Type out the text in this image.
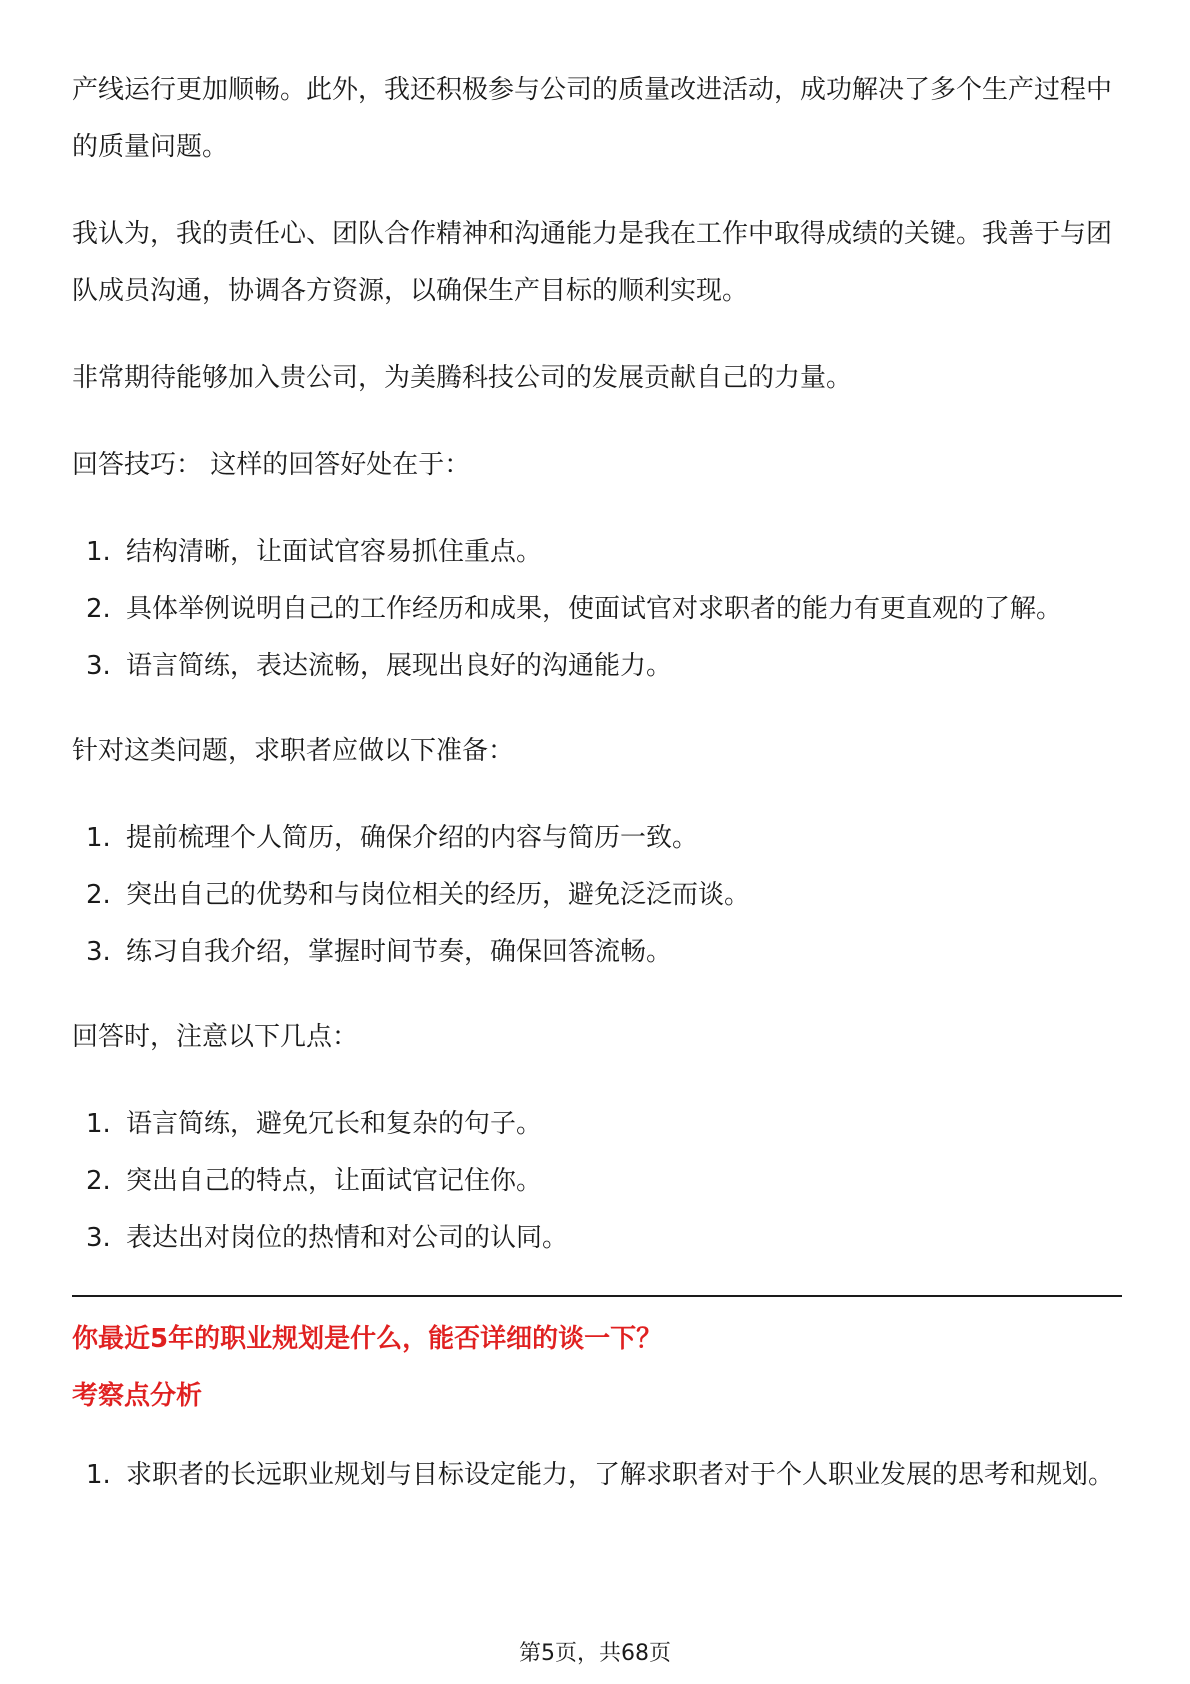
产线运行更加顺畅。此外，我还积极参与公司的质量改进活动，成功解决了多个生产过程中的质量问题。

我认为，我的责任心、团队合作精神和沟通能力是我在工作中取得成绩的关键。我善于与团队成员沟通，协调各方资源，以确保生产目标的顺利实现。

非常期待能够加入贵公司，为美腾科技公司的发展贡献自己的力量。

回答技巧： 这样的回答好处在于：

1. 结构清晰，让面试官容易抓住重点。
2. 具体举例说明自己的工作经历和成果，使面试官对求职者的能力有更直观的了解。
3. 语言简练，表达流畅，展现出良好的沟通能力。

针对这类问题，求职者应做以下准备：

1. 提前梳理个人简历，确保介绍的内容与简历一致。
2. 突出自己的优势和与岗位相关的经历，避免泛泛而谈。
3. 练习自我介绍，掌握时间节奏，确保回答流畅。

回答时，注意以下几点：

1. 语言简练，避免冗长和复杂的句子。
2. 突出自己的特点，让面试官记住你。
3. 表达出对岗位的热情和对公司的认同。

你最近5年的职业规划是什么，能否详细的谈一下？

考察点分析

1. 求职者的长远职业规划与目标设定能力，了解求职者对于个人职业发展的思考和规划。
第5页，共68页
